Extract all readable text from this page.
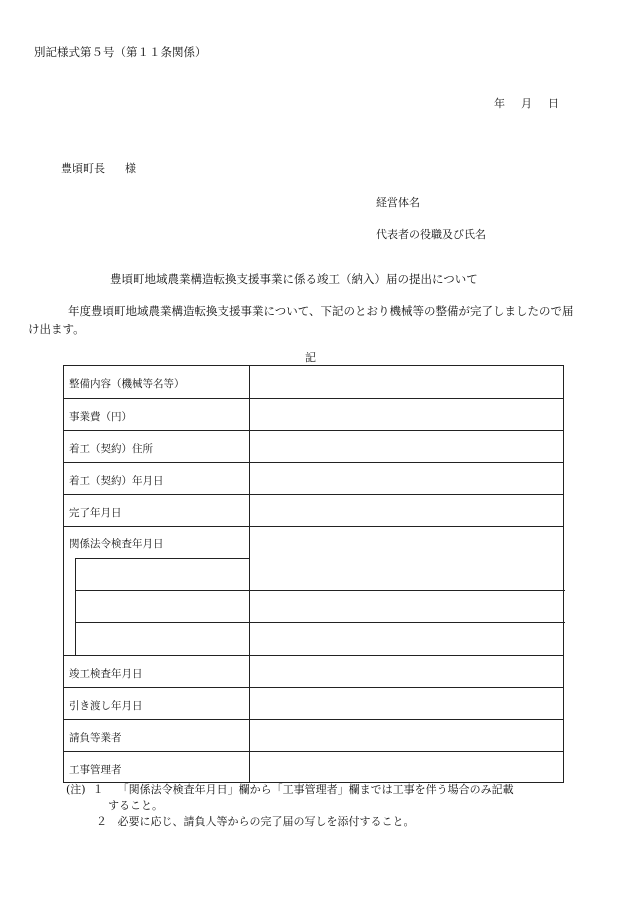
別記様式第５号（第１１条関係）
年 月 日
豊頃町長 様
経営体名
代表者の役職及び氏名
豊頃町地域農業構造転換支援事業に係る竣工（納入）届の提出について
年度豊頃町地域農業構造転換支援事業について、下記のとおり機械等の整備が完了しましたので届け出ます。
記
整備内容（機械等名等）
事業費（円）
着工（契約）住所
着工（契約）年月日
完了年月日
関係法令検査年月日
竣工検査年月日
引き渡し年月日
請負等業者
工事管理者
(注) １ 「関係法令検査年月日」欄から「工事管理者」欄までは工事を伴う場合のみ記載
すること。
２ 必要に応じ、請負人等からの完了届の写しを添付すること。
